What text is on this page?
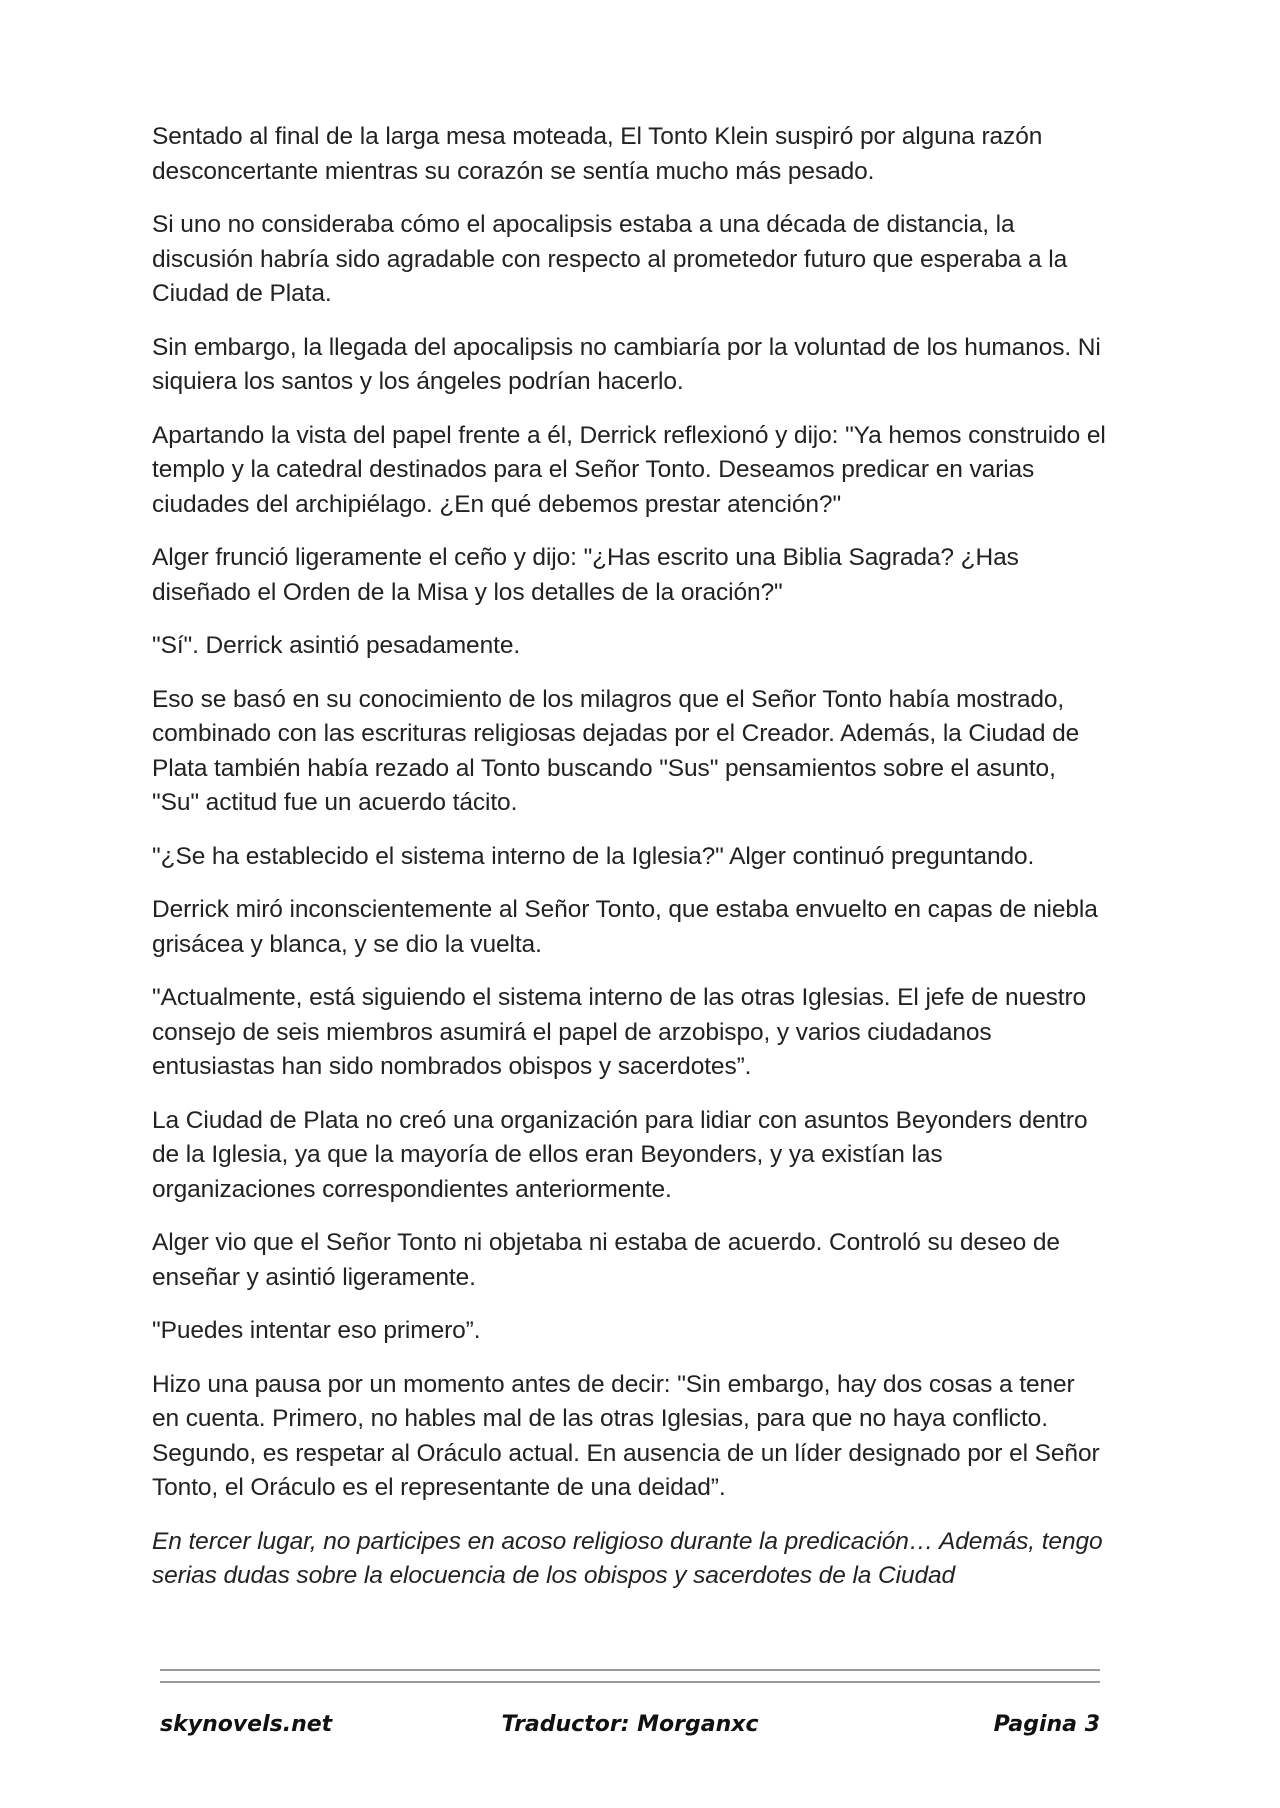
Sentado al final de la larga mesa moteada, El Tonto Klein suspiró por alguna razón desconcertante mientras su corazón se sentía mucho más pesado.

Si uno no consideraba cómo el apocalipsis estaba a una década de distancia, la discusión habría sido agradable con respecto al prometedor futuro que esperaba a la Ciudad de Plata.

Sin embargo, la llegada del apocalipsis no cambiaría por la voluntad de los humanos. Ni siquiera los santos y los ángeles podrían hacerlo.

Apartando la vista del papel frente a él, Derrick reflexionó y dijo: "Ya hemos construido el templo y la catedral destinados para el Señor Tonto. Deseamos predicar en varias ciudades del archipiélago. ¿En qué debemos prestar atención?"

Alger frunció ligeramente el ceño y dijo: "¿Has escrito una Biblia Sagrada? ¿Has diseñado el Orden de la Misa y los detalles de la oración?"

"Sí". Derrick asintió pesadamente.

Eso se basó en su conocimiento de los milagros que el Señor Tonto había mostrado, combinado con las escrituras religiosas dejadas por el Creador. Además, la Ciudad de Plata también había rezado al Tonto buscando "Sus" pensamientos sobre el asunto, "Su" actitud fue un acuerdo tácito.

"¿Se ha establecido el sistema interno de la Iglesia?" Alger continuó preguntando.

Derrick miró inconscientemente al Señor Tonto, que estaba envuelto en capas de niebla grisácea y blanca, y se dio la vuelta.

"Actualmente, está siguiendo el sistema interno de las otras Iglesias. El jefe de nuestro consejo de seis miembros asumirá el papel de arzobispo, y varios ciudadanos entusiastas han sido nombrados obispos y sacerdotes”.

La Ciudad de Plata no creó una organización para lidiar con asuntos Beyonders dentro de la Iglesia, ya que la mayoría de ellos eran Beyonders, y ya existían las organizaciones correspondientes anteriormente.

Alger vio que el Señor Tonto ni objetaba ni estaba de acuerdo. Controló su deseo de enseñar y asintió ligeramente.

"Puedes intentar eso primero”.

Hizo una pausa por un momento antes de decir: "Sin embargo, hay dos cosas a tener en cuenta. Primero, no hables mal de las otras Iglesias, para que no haya conflicto. Segundo, es respetar al Oráculo actual. En ausencia de un líder designado por el Señor Tonto, el Oráculo es el representante de una deidad”.

En tercer lugar, no participes en acoso religioso durante la predicación… Además, tengo serias dudas sobre la elocuencia de los obispos y sacerdotes de la Ciudad

skynovels.net	Traductor: Morganxc	Pagina 3
